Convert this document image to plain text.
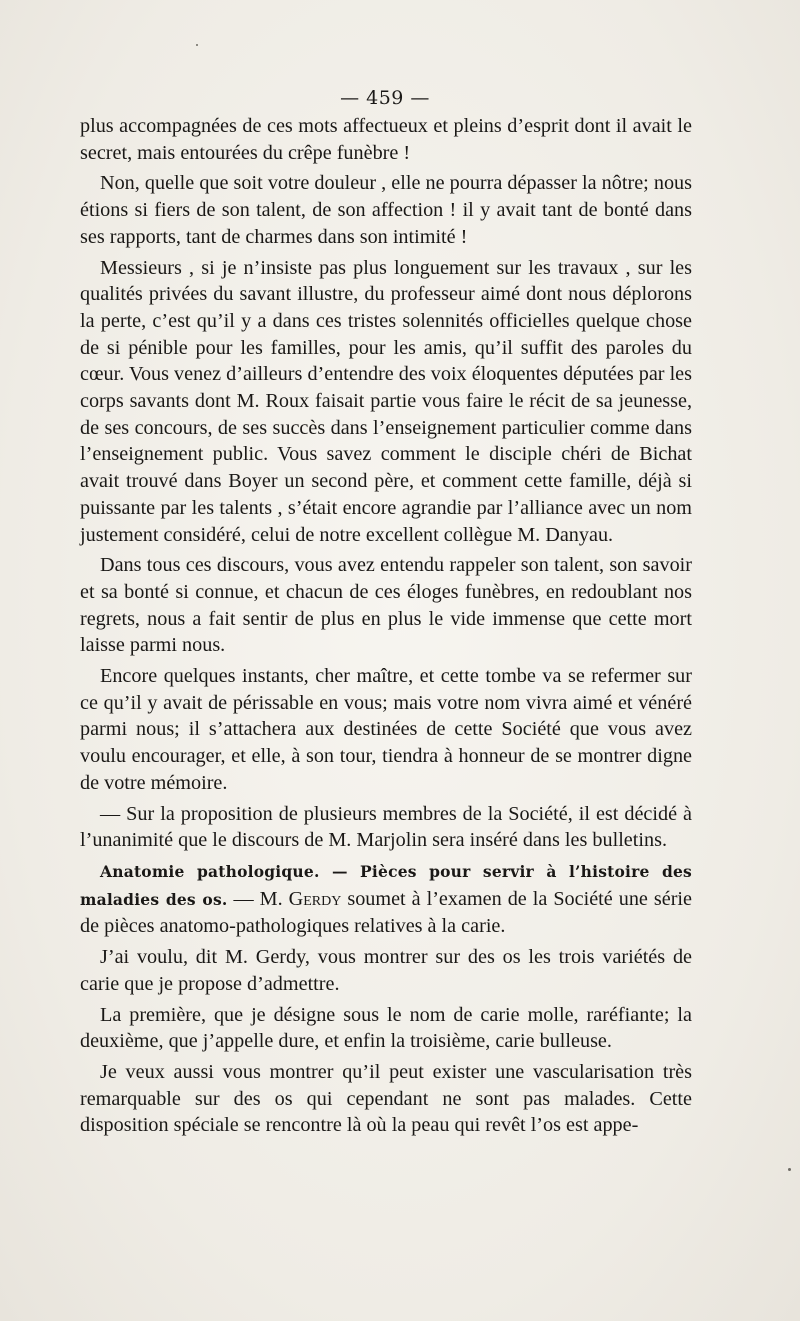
— 459 —

plus accompagnées de ces mots affectueux et pleins d’esprit dont il avait le secret, mais entourées du crêpe funèbre !

Non, quelle que soit votre douleur , elle ne pourra dépasser la nôtre; nous étions si fiers de son talent, de son affection ! il y avait tant de bonté dans ses rapports, tant de charmes dans son intimité !

Messieurs , si je n’insiste pas plus longuement sur les travaux , sur les qualités privées du savant illustre, du professeur aimé dont nous déplorons la perte, c’est qu’il y a dans ces tristes solennités officielles quelque chose de si pénible pour les familles, pour les amis, qu’il suffit des paroles du cœur. Vous venez d’ailleurs d’entendre des voix éloquentes députées par les corps savants dont M. Roux faisait partie vous faire le récit de sa jeunesse, de ses concours, de ses succès dans l’enseignement particulier comme dans l’enseignement public. Vous savez comment le disciple chéri de Bichat avait trouvé dans Boyer un second père, et comment cette famille, déjà si puissante par les talents , s’était encore agrandie par l’alliance avec un nom justement considéré, celui de notre excellent collègue M. Danyau.

Dans tous ces discours, vous avez entendu rappeler son talent, son savoir et sa bonté si connue, et chacun de ces éloges funèbres, en redoublant nos regrets, nous a fait sentir de plus en plus le vide immense que cette mort laisse parmi nous.

Encore quelques instants, cher maître, et cette tombe va se refermer sur ce qu’il y avait de périssable en vous; mais votre nom vivra aimé et vénéré parmi nous; il s’attachera aux destinées de cette Société que vous avez voulu encourager, et elle, à son tour, tiendra à honneur de se montrer digne de votre mémoire.

— Sur la proposition de plusieurs membres de la Société, il est décidé à l’unanimité que le discours de M. Marjolin sera inséré dans les bulletins.

Anatomie pathologique. — Pièces pour servir à l’histoire des maladies des os. — M. Gerdy soumet à l’examen de la Société une série de pièces anatomo-pathologiques relatives à la carie.

J’ai voulu, dit M. Gerdy, vous montrer sur des os les trois variétés de carie que je propose d’admettre.

La première, que je désigne sous le nom de carie molle, raréfiante; la deuxième, que j’appelle dure, et enfin la troisième, carie bulleuse.

Je veux aussi vous montrer qu’il peut exister une vascularisation très remarquable sur des os qui cependant ne sont pas malades. Cette disposition spéciale se rencontre là où la peau qui revêt l’os est appe-
